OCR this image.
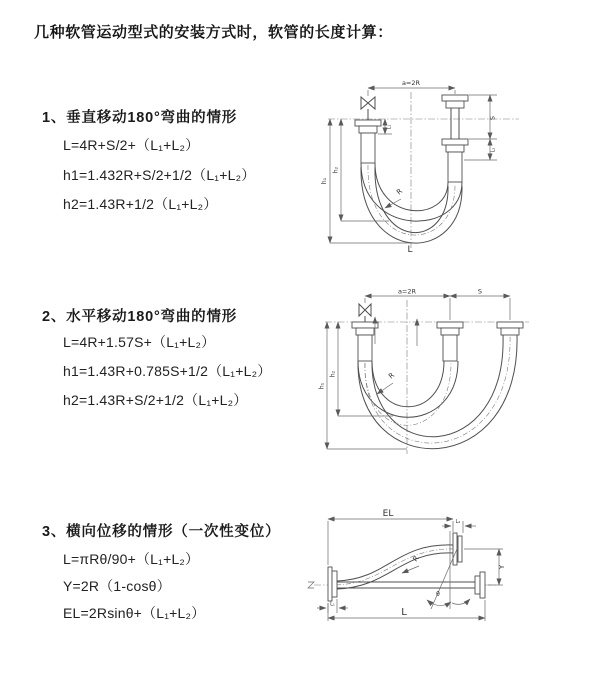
几种软管运动型式的安装方式时，软管的长度计算：
1、垂直移动180°弯曲的情形
L=4R+S/2+（L₁+L₂）
h1=1.432R+S/2+1/2（L₁+L₂）
h2=1.43R+1/2（L₁+L₂）
2、水平移动180°弯曲的情形
L=4R+1.57S+（L₁+L₂）
h1=1.43R+0.785S+1/2（L₁+L₂）
h2=1.43R+S/2+1/2（L₁+L₂）
3、横向位移的情形（一次性变位）
L=πRθ/90+（L₁+L₂）
Y=2R（1-cosθ）
EL=2Rsinθ+（L₁+L₂）
a=2R
h₁
h₂
L₁
S
L₂
R
L
a=2R	S
h₁
h₂	R
EL
L₂
Y
θ
R
L
L₁
